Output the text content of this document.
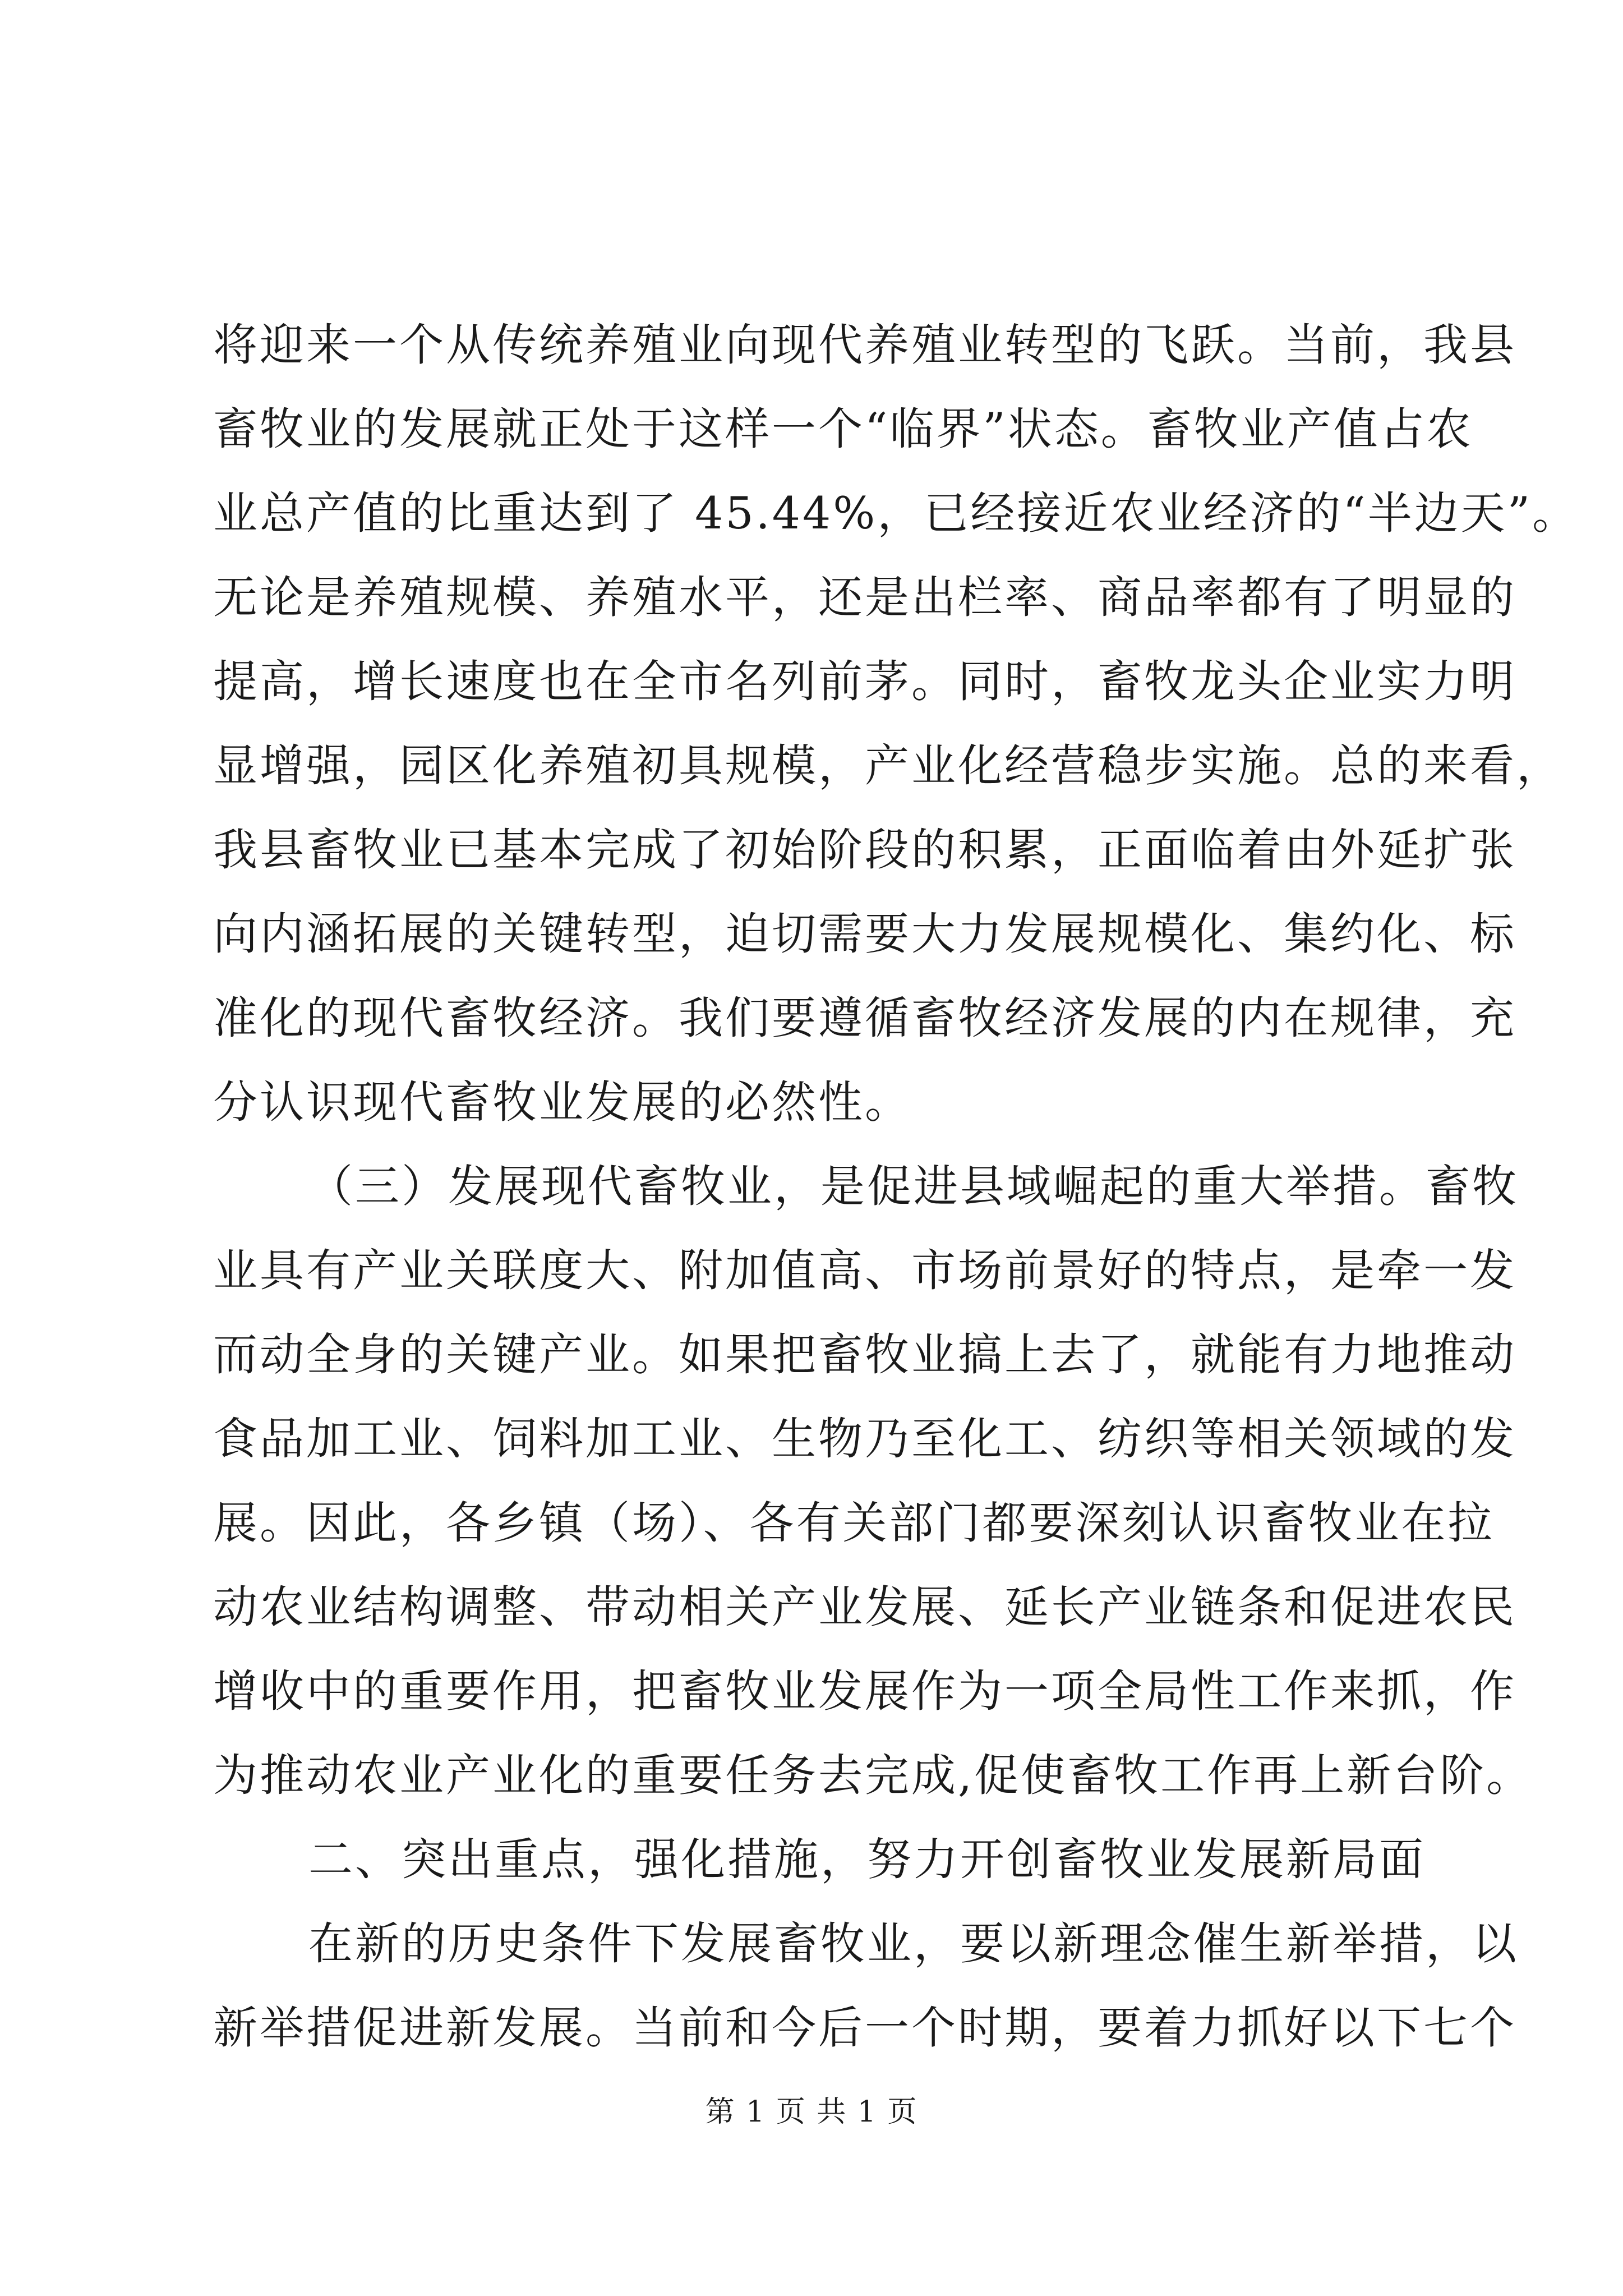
将迎来一个从传统养殖业向现代养殖业转型的飞跃。当前，我县
畜牧业的发展就正处于这样一个“临界”状态。畜牧业产值占农
业总产值的比重达到了 45.44%，已经接近农业经济的“半边天”。
无论是养殖规模、养殖水平，还是出栏率、商品率都有了明显的
提高，增长速度也在全市名列前茅。同时，畜牧龙头企业实力明
显增强，园区化养殖初具规模，产业化经营稳步实施。总的来看，
我县畜牧业已基本完成了初始阶段的积累，正面临着由外延扩张
向内涵拓展的关键转型，迫切需要大力发展规模化、集约化、标
准化的现代畜牧经济。我们要遵循畜牧经济发展的内在规律，充
分认识现代畜牧业发展的必然性。
（三）发展现代畜牧业，是促进县域崛起的重大举措。畜牧
业具有产业关联度大、附加值高、市场前景好的特点，是牵一发
而动全身的关键产业。如果把畜牧业搞上去了，就能有力地推动
食品加工业、饲料加工业、生物乃至化工、纺织等相关领域的发
展。因此，各乡镇（场）、各有关部门都要深刻认识畜牧业在拉
动农业结构调整、带动相关产业发展、延长产业链条和促进农民
增收中的重要作用，把畜牧业发展作为一项全局性工作来抓，作
为推动农业产业化的重要任务去完成,促使畜牧工作再上新台阶。
二、突出重点，强化措施，努力开创畜牧业发展新局面
在新的历史条件下发展畜牧业，要以新理念催生新举措，以
新举措促进新发展。当前和今后一个时期，要着力抓好以下七个
第 1 页 共 1 页
